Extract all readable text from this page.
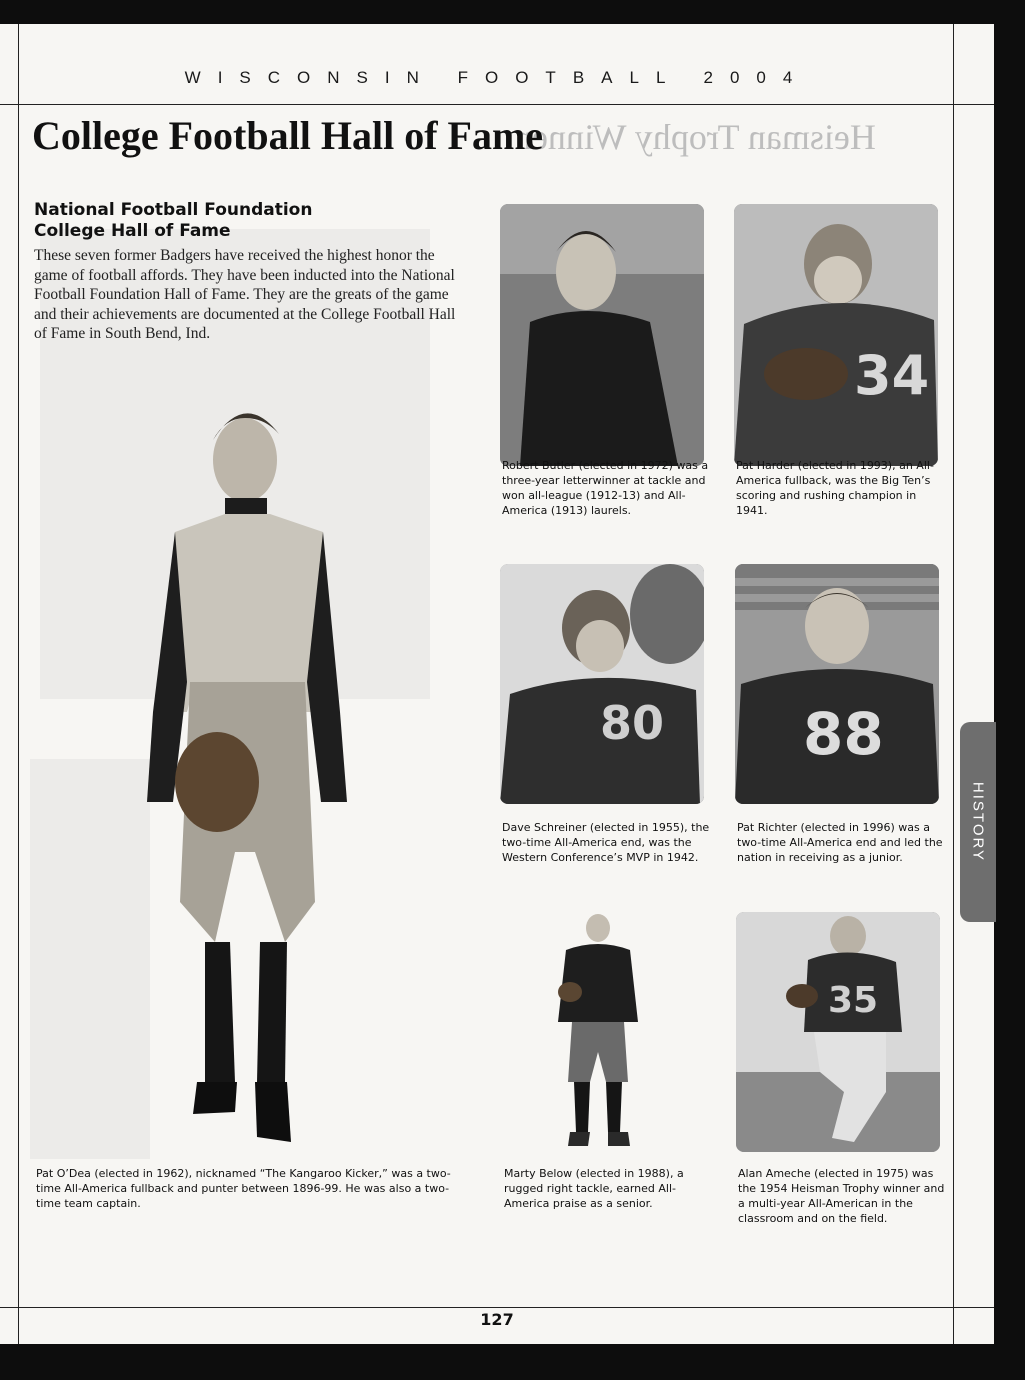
Heisman Trophy Winner
WISCONSIN FOOTBALL 2004
College Football Hall of Fame
National Football Foundation
College Hall of Fame
These seven former Badgers have received the highest honor the game of football affords. They have been inducted into the National Football Foundation Hall of Fame. They are the greats of the game and their achievements are documented at the College Football Hall of Fame in South Bend, Ind.
Pat O’Dea (elected in 1962), nicknamed “The Kangaroo Kicker,” was a two-time All-America fullback and punter between 1896-99. He was also a two-time team captain.
Robert Butler (elected in 1972) was a three-year letterwinner at tackle and won all-league (1912-13) and All-America (1913) laurels.
34
Pat Harder (elected in 1993), an All-America fullback, was the Big Ten’s scoring and rushing champion in 1941.
80
Dave Schreiner (elected in 1955), the two-time All-America end, was the Western Conference’s MVP in 1942.
88
Pat Richter (elected in 1996) was a two-time All-America end and led the nation in receiving as a junior.
Marty Below (elected in 1988), a rugged right tackle, earned All-America praise as a senior.
35
Alan Ameche (elected in 1975) was the 1954 Heisman Trophy winner and a multi-year All-American in the classroom and on the field.
127
HISTORY
